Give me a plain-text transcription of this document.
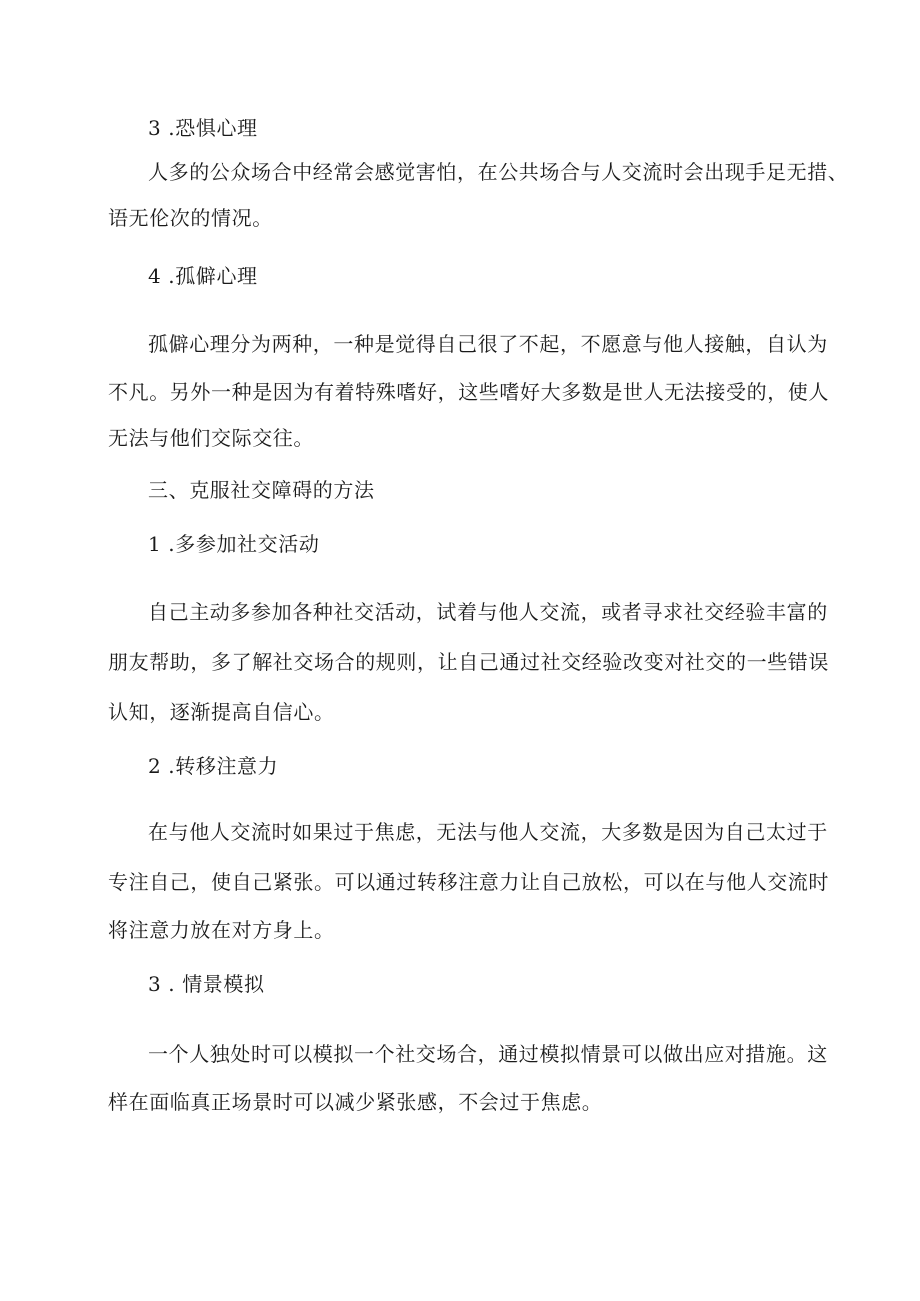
3 .恐惧心理

人多的公众场合中经常会感觉害怕，在公共场合与人交流时会出现手足无措、

语无伦次的情况。

4 .孤僻心理

孤僻心理分为两种，一种是觉得自己很了不起，不愿意与他人接触，自认为

不凡。另外一种是因为有着特殊嗜好，这些嗜好大多数是世人无法接受的，使人

无法与他们交际交往。

三、克服社交障碍的方法

1 .多参加社交活动

自己主动多参加各种社交活动，试着与他人交流，或者寻求社交经验丰富的

朋友帮助，多了解社交场合的规则，让自己通过社交经验改变对社交的一些错误

认知，逐渐提高自信心。

2 .转移注意力

在与他人交流时如果过于焦虑，无法与他人交流，大多数是因为自己太过于

专注自己，使自己紧张。可以通过转移注意力让自己放松，可以在与他人交流时

将注意力放在对方身上。

3 . 情景模拟

一个人独处时可以模拟一个社交场合，通过模拟情景可以做出应对措施。这

样在面临真正场景时可以减少紧张感，不会过于焦虑。
